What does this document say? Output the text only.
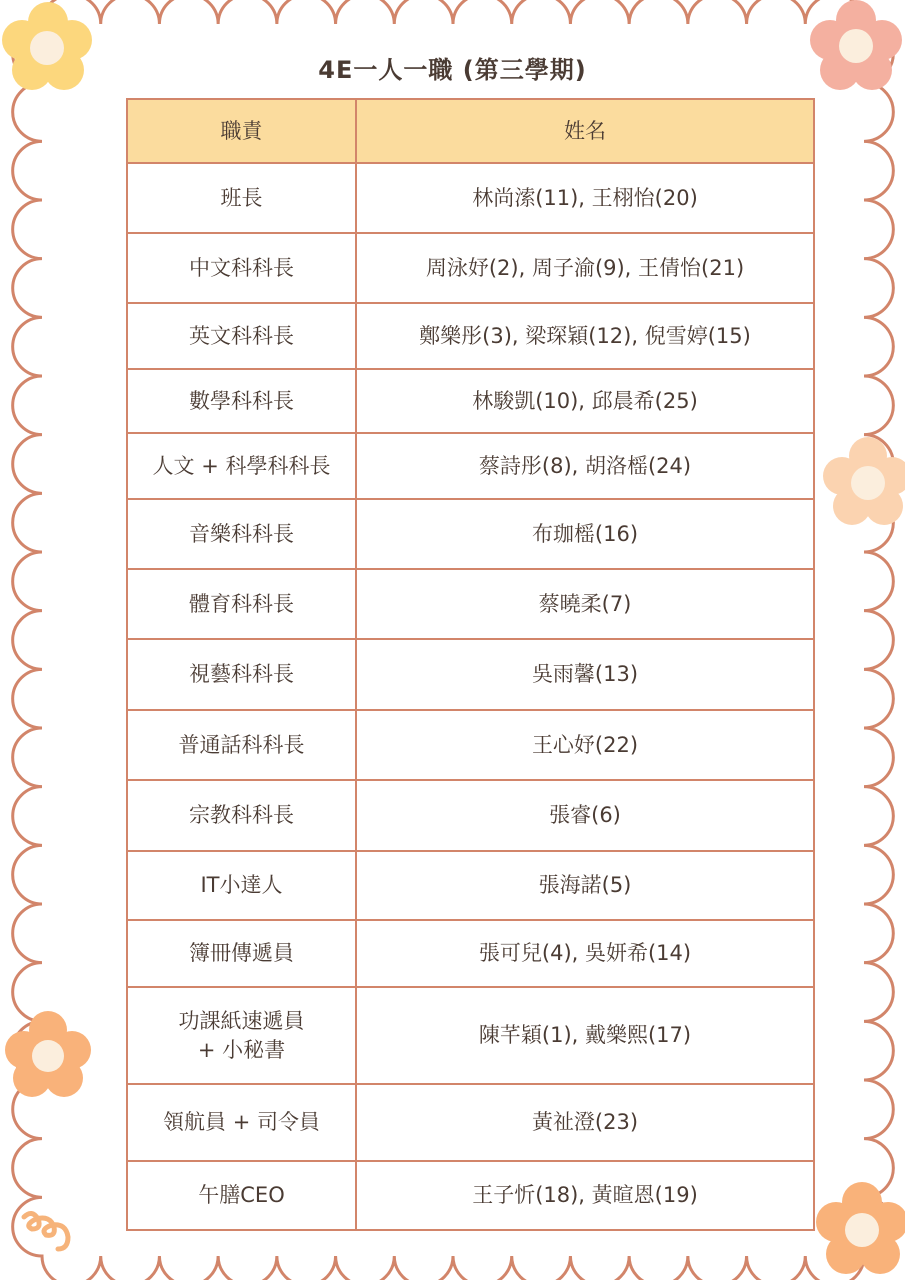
4E一人一職 (第三學期)
職責	姓名
班長	林尚溹(11), 王栩怡(20)
中文科科長	周泳妤(2), 周子渝(9), 王倩怡(21)
英文科科長	鄭樂彤(3), 梁琛穎(12), 倪雪婷(15)
數學科科長	林駿凱(10), 邱晨希(25)
人文 + 科學科科長	蔡詩彤(8), 胡洛榣(24)
音樂科科長	布珈榣(16)
體育科科長	蔡曉柔(7)
視藝科科長	吳雨馨(13)
普通話科科長	王心妤(22)
宗教科科長	張睿(6)
IT小達人	張海諾(5)
簿冊傳遞員	張可兒(4), 吳妍希(14)

功課紙速遞員
+ 小秘書	陳芊穎(1), 戴樂熙(17)
領航員 + 司令員	黃祉澄(23)
午膳CEO	王子忻(18), 黃暄恩(19)
